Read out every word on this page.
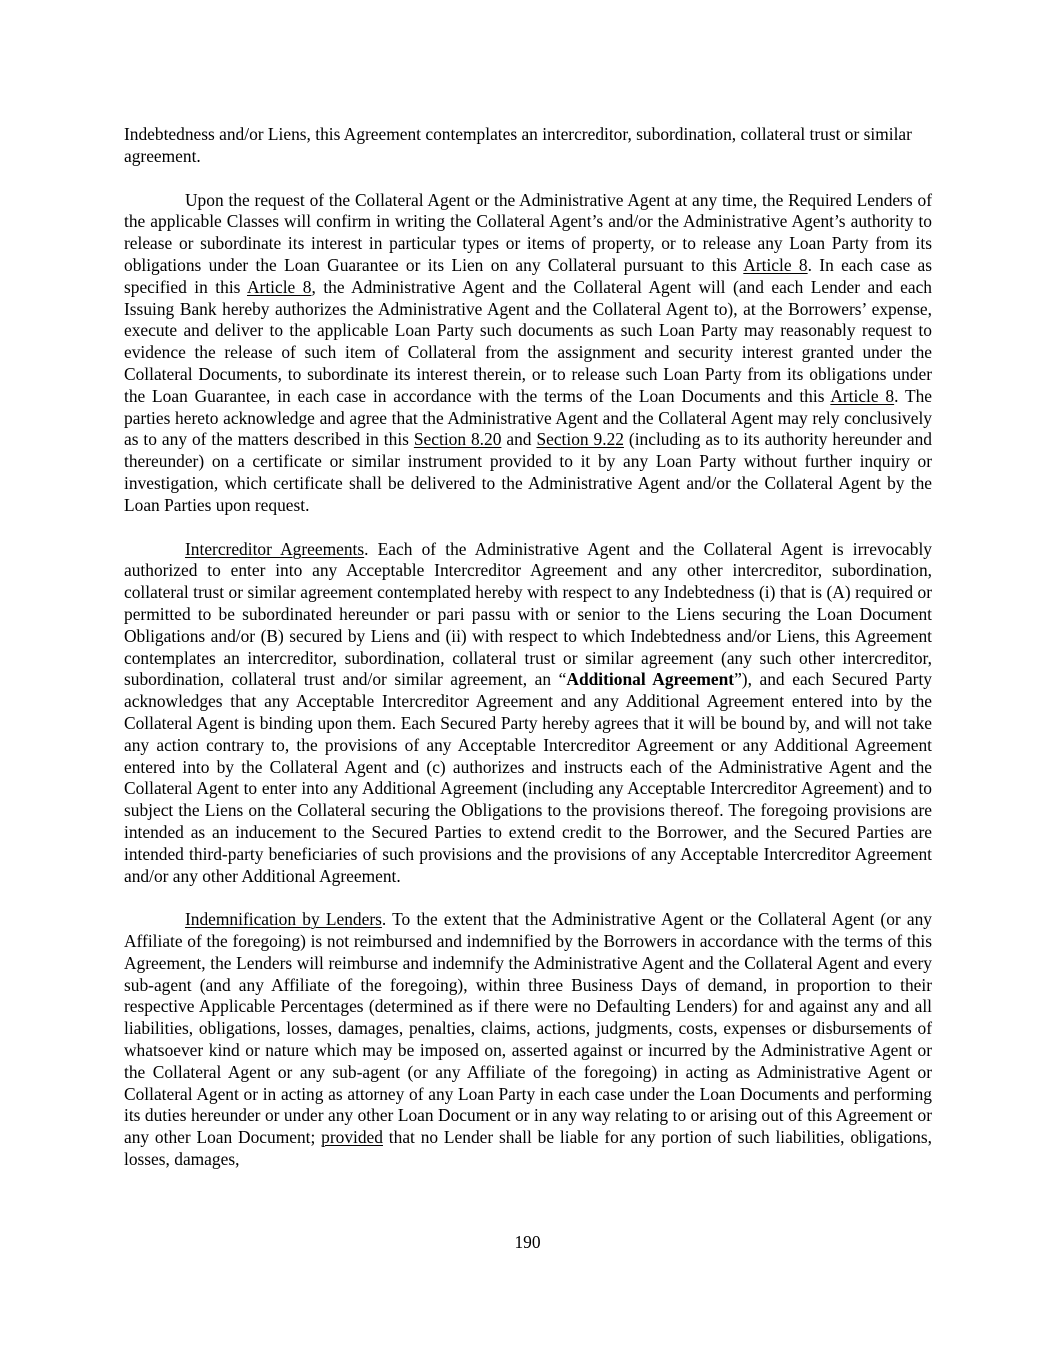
Indebtedness and/or Liens, this Agreement contemplates an intercreditor, subordination, collateral trust or similar agreement.

Upon the request of the Collateral Agent or the Administrative Agent at any time, the Required Lenders of the applicable Classes will confirm in writing the Collateral Agent’s and/or the Administrative Agent’s authority to release or subordinate its interest in particular types or items of property, or to release any Loan Party from its obligations under the Loan Guarantee or its Lien on any Collateral pursuant to this Article 8. In each case as specified in this Article 8, the Administrative Agent and the Collateral Agent will (and each Lender and each Issuing Bank hereby authorizes the Administrative Agent and the Collateral Agent to), at the Borrowers’ expense, execute and deliver to the applicable Loan Party such documents as such Loan Party may reasonably request to evidence the release of such item of Collateral from the assignment and security interest granted under the Collateral Documents, to subordinate its interest therein, or to release such Loan Party from its obligations under the Loan Guarantee, in each case in accordance with the terms of the Loan Documents and this Article 8. The parties hereto acknowledge and agree that the Administrative Agent and the Collateral Agent may rely conclusively as to any of the matters described in this Section 8.20 and Section 9.22 (including as to its authority hereunder and thereunder) on a certificate or similar instrument provided to it by any Loan Party without further inquiry or investigation, which certificate shall be delivered to the Administrative Agent and/or the Collateral Agent by the Loan Parties upon request.

Intercreditor Agreements. Each of the Administrative Agent and the Collateral Agent is irrevocably authorized to enter into any Acceptable Intercreditor Agreement and any other intercreditor, subordination, collateral trust or similar agreement contemplated hereby with respect to any Indebtedness (i) that is (A) required or permitted to be subordinated hereunder or pari passu with or senior to the Liens securing the Loan Document Obligations and/or (B) secured by Liens and (ii) with respect to which Indebtedness and/or Liens, this Agreement contemplates an intercreditor, subordination, collateral trust or similar agreement (any such other intercreditor, subordination, collateral trust and/or similar agreement, an “Additional Agreement”), and each Secured Party acknowledges that any Acceptable Intercreditor Agreement and any Additional Agreement entered into by the Collateral Agent is binding upon them. Each Secured Party hereby agrees that it will be bound by, and will not take any action contrary to, the provisions of any Acceptable Intercreditor Agreement or any Additional Agreement entered into by the Collateral Agent and (c) authorizes and instructs each of the Administrative Agent and the Collateral Agent to enter into any Additional Agreement (including any Acceptable Intercreditor Agreement) and to subject the Liens on the Collateral securing the Obligations to the provisions thereof. The foregoing provisions are intended as an inducement to the Secured Parties to extend credit to the Borrower, and the Secured Parties are intended third-party beneficiaries of such provisions and the provisions of any Acceptable Intercreditor Agreement and/or any other Additional Agreement.

Indemnification by Lenders. To the extent that the Administrative Agent or the Collateral Agent (or any Affiliate of the foregoing) is not reimbursed and indemnified by the Borrowers in accordance with the terms of this Agreement, the Lenders will reimburse and indemnify the Administrative Agent and the Collateral Agent and every sub-agent (and any Affiliate of the foregoing), within three Business Days of demand, in proportion to their respective Applicable Percentages (determined as if there were no Defaulting Lenders) for and against any and all liabilities, obligations, losses, damages, penalties, claims, actions, judgments, costs, expenses or disbursements of whatsoever kind or nature which may be imposed on, asserted against or incurred by the Administrative Agent or the Collateral Agent or any sub-agent (or any Affiliate of the foregoing) in acting as Administrative Agent or Collateral Agent or in acting as attorney of any Loan Party in each case under the Loan Documents and performing its duties hereunder or under any other Loan Document or in any way relating to or arising out of this Agreement or any other Loan Document; provided that no Lender shall be liable for any portion of such liabilities, obligations, losses, damages,

190
